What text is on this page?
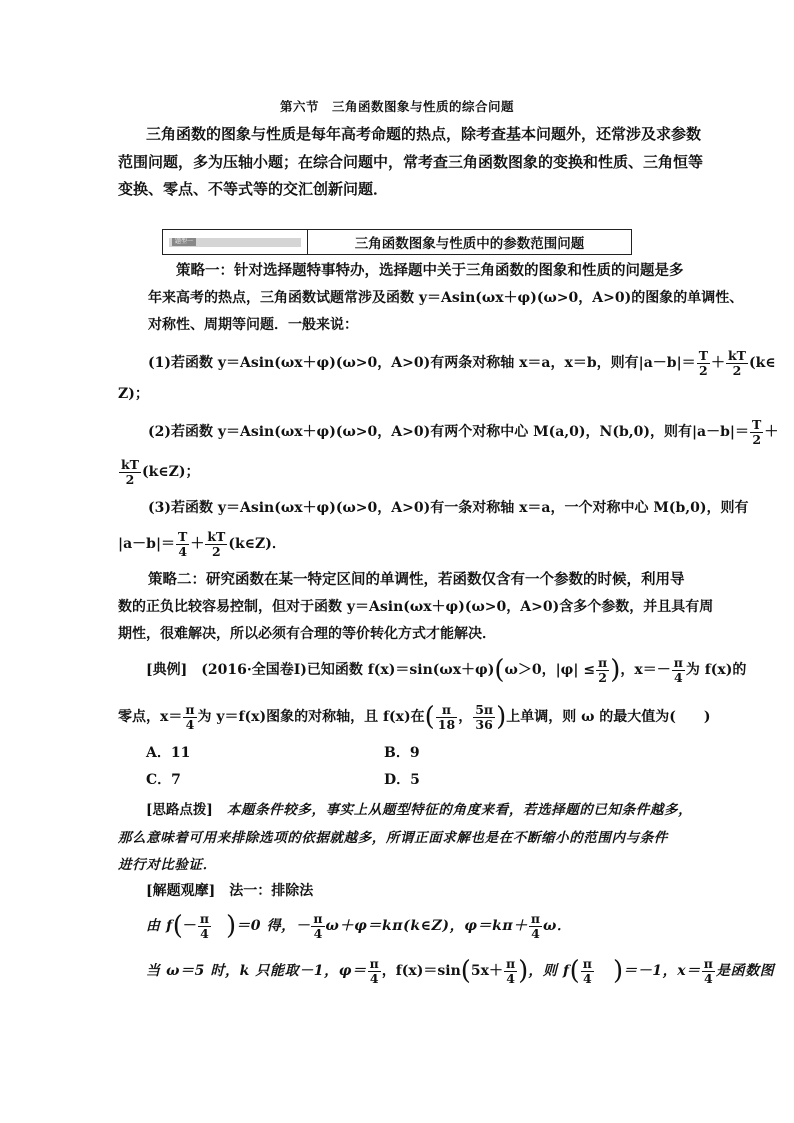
第六节　三角函数图象与性质的综合问题
三角函数的图象与性质是每年高考命题的热点，除考查基本问题外，还常涉及求参数
范围问题，多为压轴小题；在综合问题中，常考查三角函数图象的变换和性质、三角恒等
变换、零点、不等式等的交汇创新问题．
题型一	三角函数图象与性质中的参数范围问题
策略一：针对选择题特事特办，选择题中关于三角函数的图象和性质的问题是多
年来高考的热点，三角函数试题常涉及函数 y＝Asin(ωx＋φ)(ω>0，A>0)的图象的单调性、
对称性、周期等问题．一般来说：
(1)若函数 y＝Asin(ωx＋φ)(ω>0，A>0)有两条对称轴 x＝a，x＝b，则有$|a-b|= \frac{T}{2} + \frac{kT}{2}$ (k∈
Z)；
(2)若函数 y＝Asin(ωx＋φ)(ω>0，A>0)有两个对称中心 M(a,0)，N(b,0)，则有$|a-b|= \frac{T}{2}$ ＋
$\frac{kT}{2}$ (k∈Z)；
(3)若函数 y＝Asin(ωx＋φ)(ω>0，A>0)有一条对称轴 x＝a，一个对称中心 M(b,0)，则有
$|a-b|= \frac{T}{4} + \frac{kT}{2}$ (k∈Z)．
策略二：研究函数在某一特定区间的单调性，若函数仅含有一个参数的时候，利用导
数的正负比较容易控制，但对于函数 y＝Asin(ωx＋φ)(ω>0，A>0)含多个参数，并且具有周
期性，很难解决，所以必须有合理的等价转化方式才能解决．
[典例] 　(2016·全国卷Ⅰ)已知函数 f(x)＝sin(ωx＋φ) ( ω＞0，$|\varphi| \le \frac{\pi}{2}$ ) ，$x=- \frac{\pi}{4}$ 为 f(x)的
零点，$x= \frac{\pi}{4}$ 为 y＝f(x)图象的对称轴，且 f(x)在 ( $\frac{\pi}{18}$ ， $\frac{5\pi}{36}$ ) 上单调，则 ω 的最大值为(　　)
A．11	B．9
C．7	D．5
[思路点拨]　本题条件较多，事实上从题型特征的角度来看，若选择题的已知条件越多，
那么意味着可用来排除选项的依据就越多，所谓正面求解也是在不断缩小的范围内与条件
进行对比验证．
[解题观摩]　法一：排除法
由 f ( － $\frac{\pi}{4}$ ) ＝0 得，－ $\frac{\pi}{4}$ ω＋φ＝kπ(k∈Z)，$\varphi=k\pi+ \frac{\pi}{4}$ ω．
当 ω＝5 时，k 只能取－1，$\varphi= \frac{\pi}{4}$ ，f(x)＝sin ( $5x+ \frac{\pi}{4}$ ) ，则 f ( $\frac{\pi}{4}$ ) ＝－1，$x= \frac{\pi}{4}$ 是函数图
